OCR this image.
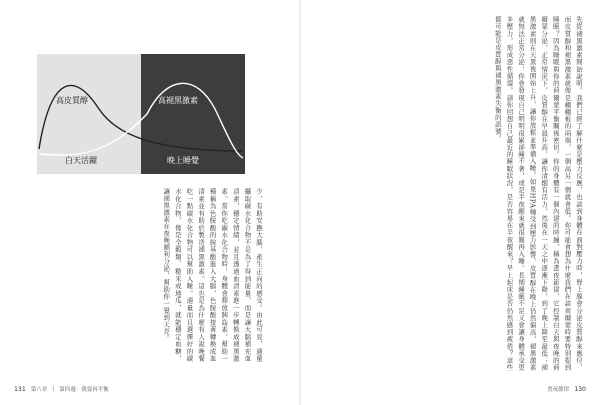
高皮質醇	高褪黑激素
白天活躍	晚上睡覺
少，有助安撫大腦，產生正向的感受。由此可見，適量攝取碳水化合物不是為了得到能量，而是讓大腦補充血清素，穩定情緒，並且透過血清素進一步轉換成褪黑激素。當你吃碳水化合物時，身體會釋放胰島素，幫助一種稱為色胺酸的胺基酸進入大腦，色胺酸接著轉換成血清素並有助於製造褪黑激素。這也是為什麼有人說晚餐吃一點碳水化合物可以幫助入睡。適量而且選擇好的碳水化合物，像是全穀類、糙米或地瓜，就能穩定血糖，讓褪黑激素在夜晚順利分泌，幫助你一覺到天亮。
131 第八章 | 第四週：我要再平衡
先從褪黑激素開始說明。我們已經了解什麼是壓力反應，也談到身體在面對壓力時，腎上腺會分泌皮質醇來應付，而皮質醇和褪黑激素就像是翹翹板的兩端，一個高另一個就會低。你可能會想為什麼我們在談荷爾蒙時要特別提到睡眠？因為睡眠與你的荷爾蒙平衡關係密切。你的身體有一個內建的時鐘，稱為晝夜節律，它控制白天與夜晚的荷爾蒙分泌。正常情況下，皮質醇在早晨升高，讓你清醒有活力，然後在一天之中逐漸下降，到了晚上降至最低；褪黑激素則在天黑後開始上升，讓你放鬆並準備入睡。如果HPA軸受到壓力影響，皮質醇在晚上仍然偏高，褪黑激素就無法正常分泌，你會發現自己明明很累卻睡不著，或是半夜醒來就很難再入睡。長期睡眠不足又會讓身體承受更多壓力，形成惡性循環。請你回想自己最近的睡眠狀況，是否容易在半夜醒來？早上起床是否仍然感到疲倦？這些都可能是皮質醇與褪黑激素失衡的訊號。
晝夜節律 130
